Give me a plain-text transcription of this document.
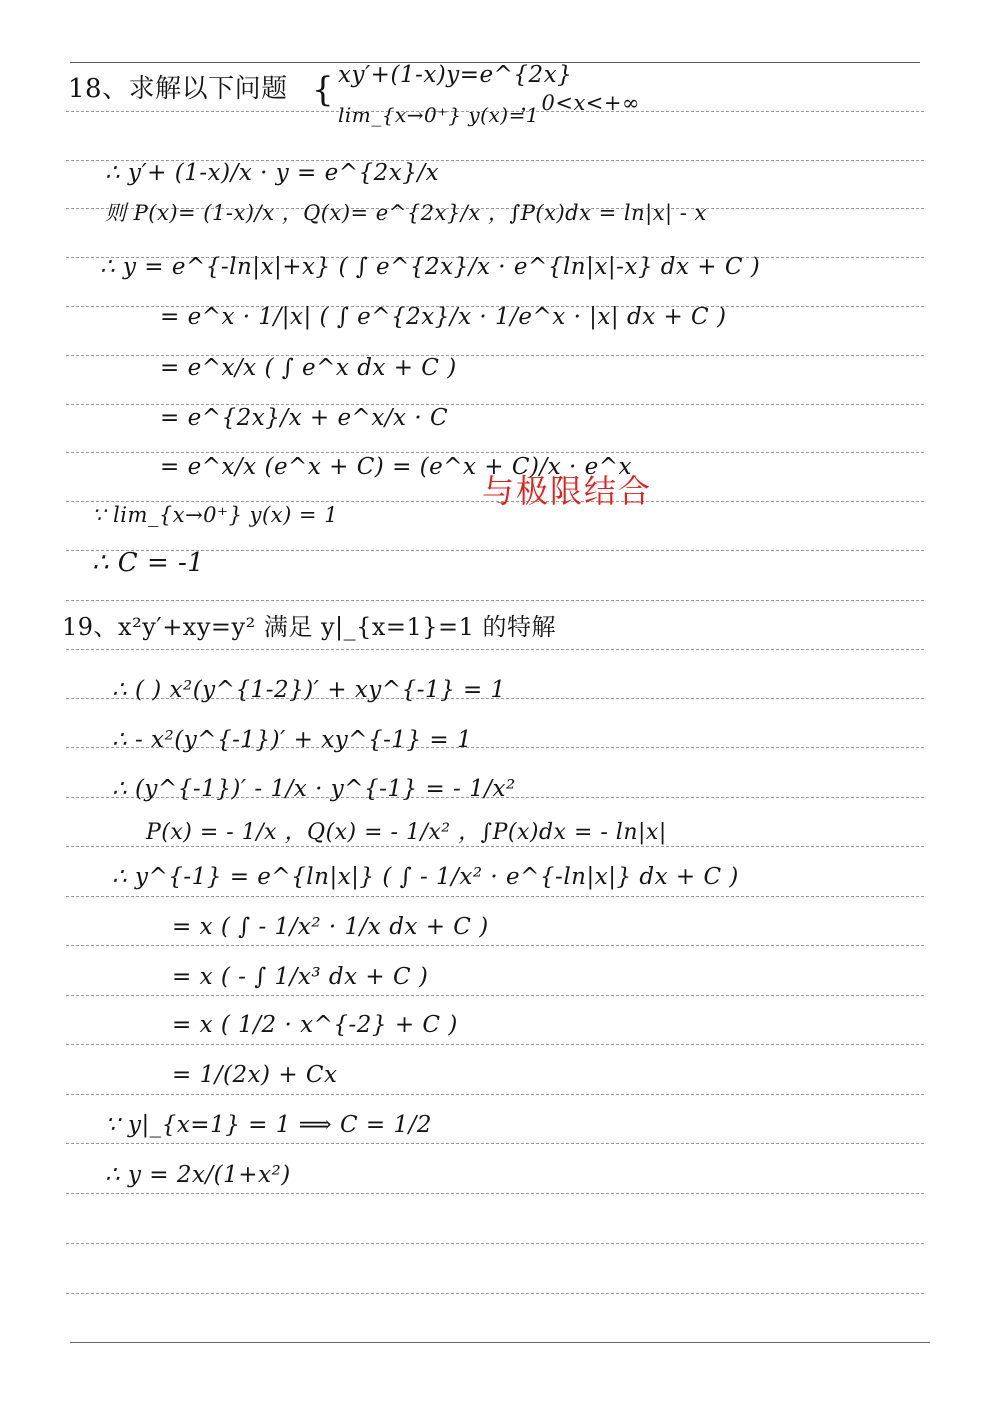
18、求解以下问题 { xy′+(1-x)y=e^{2x}
lim_{x→0⁺} y(x)=1
，0<x<+∞
∴ y′+ (1-x)/x · y = e^{2x}/x
则 P(x)= (1-x)/x ，Q(x)= e^{2x}/x ，∫P(x)dx = ln|x| - x
∴ y = e^{-ln|x|+x} ( ∫ e^{2x}/x · e^{ln|x|-x} dx + C )
= e^x · 1/|x| ( ∫ e^{2x}/x · 1/e^x · |x| dx + C )
= e^x/x ( ∫ e^x dx + C )
= e^{2x}/x + e^x/x · C
= e^x/x (e^x + C) = (e^x + C)/x · e^x
与极限结合
∵ lim_{x→0⁺} y(x) = 1
∴ C = -1
19、x²y′+xy=y² 满足 y|_{x=1}=1 的特解
∴ ( ) x²(y^{1-2})′ + xy^{-1} = 1
∴ - x²(y^{-1})′ + xy^{-1} = 1
∴ (y^{-1})′ - 1/x · y^{-1} = - 1/x²
P(x) = - 1/x ，Q(x) = - 1/x² ，∫P(x)dx = - ln|x|
∴ y^{-1} = e^{ln|x|} ( ∫ - 1/x² · e^{-ln|x|} dx + C )
= x ( ∫ - 1/x² · 1/x dx + C )
= x ( - ∫ 1/x³ dx + C )
= x ( 1/2 · x^{-2} + C )
= 1/(2x) + Cx
∵ y|_{x=1} = 1 ⟹ C = 1/2
∴ y = 2x/(1+x²)
